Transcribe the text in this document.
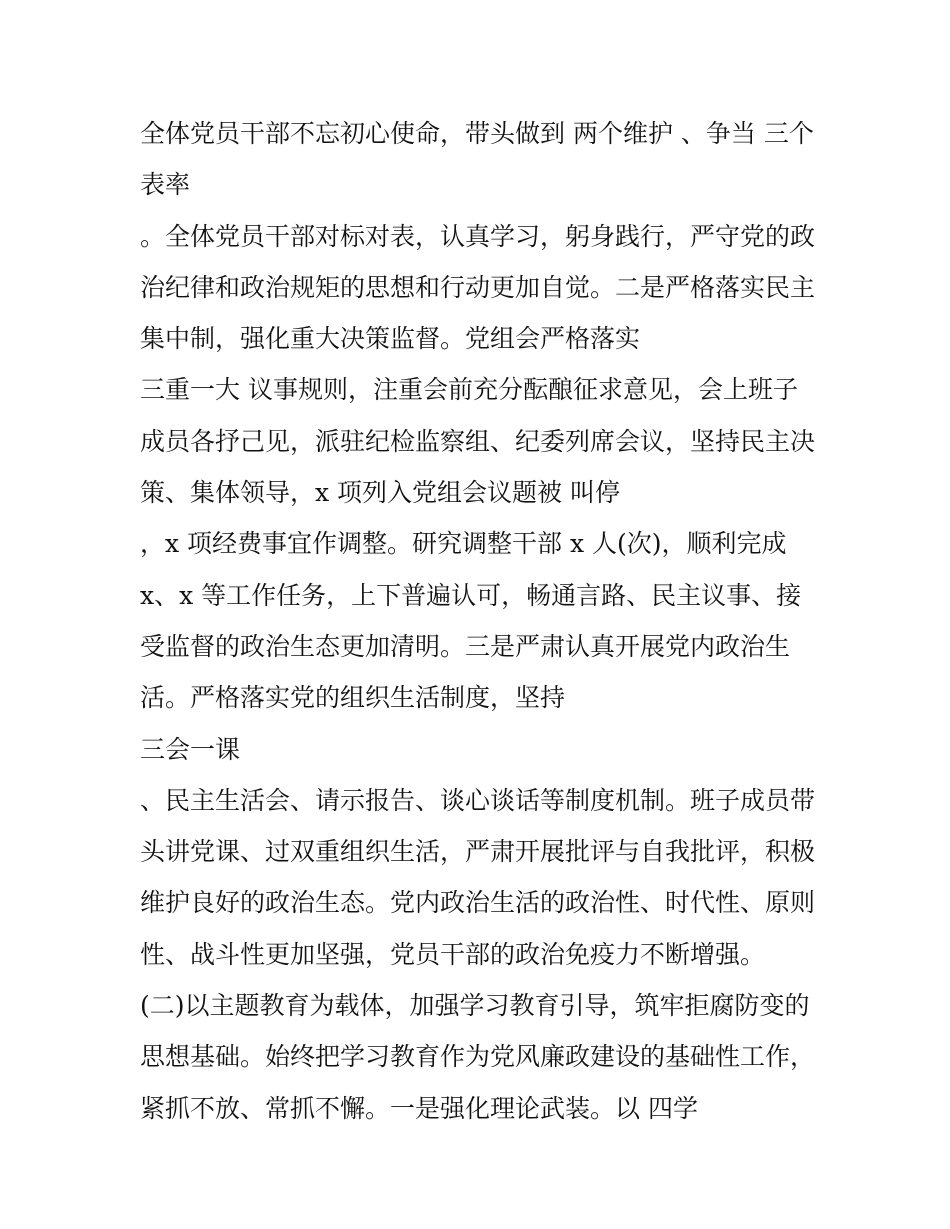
全体党员干部不忘初心使命，带头做到 两个维护 、争当 三个

表率

。全体党员干部对标对表，认真学习，躬身践行，严守党的政

治纪律和政治规矩的思想和行动更加自觉。二是严格落实民主

集中制，强化重大决策监督。党组会严格落实

三重一大 议事规则，注重会前充分酝酿征求意见，会上班子

成员各抒己见，派驻纪检监察组、纪委列席会议，坚持民主决

策、集体领导，x 项列入党组会议题被 叫停

，x 项经费事宜作调整。研究调整干部 x 人(次)，顺利完成

x、x 等工作任务，上下普遍认可，畅通言路、民主议事、接

受监督的政治生态更加清明。三是严肃认真开展党内政治生

活。严格落实党的组织生活制度，坚持

三会一课

、民主生活会、请示报告、谈心谈话等制度机制。班子成员带

头讲党课、过双重组织生活，严肃开展批评与自我批评，积极

维护良好的政治生态。党内政治生活的政治性、时代性、原则

性、战斗性更加坚强，党员干部的政治免疫力不断增强。

(二)以主题教育为载体，加强学习教育引导，筑牢拒腐防变的

思想基础。始终把学习教育作为党风廉政建设的基础性工作，

紧抓不放、常抓不懈。一是强化理论武装。以 四学
